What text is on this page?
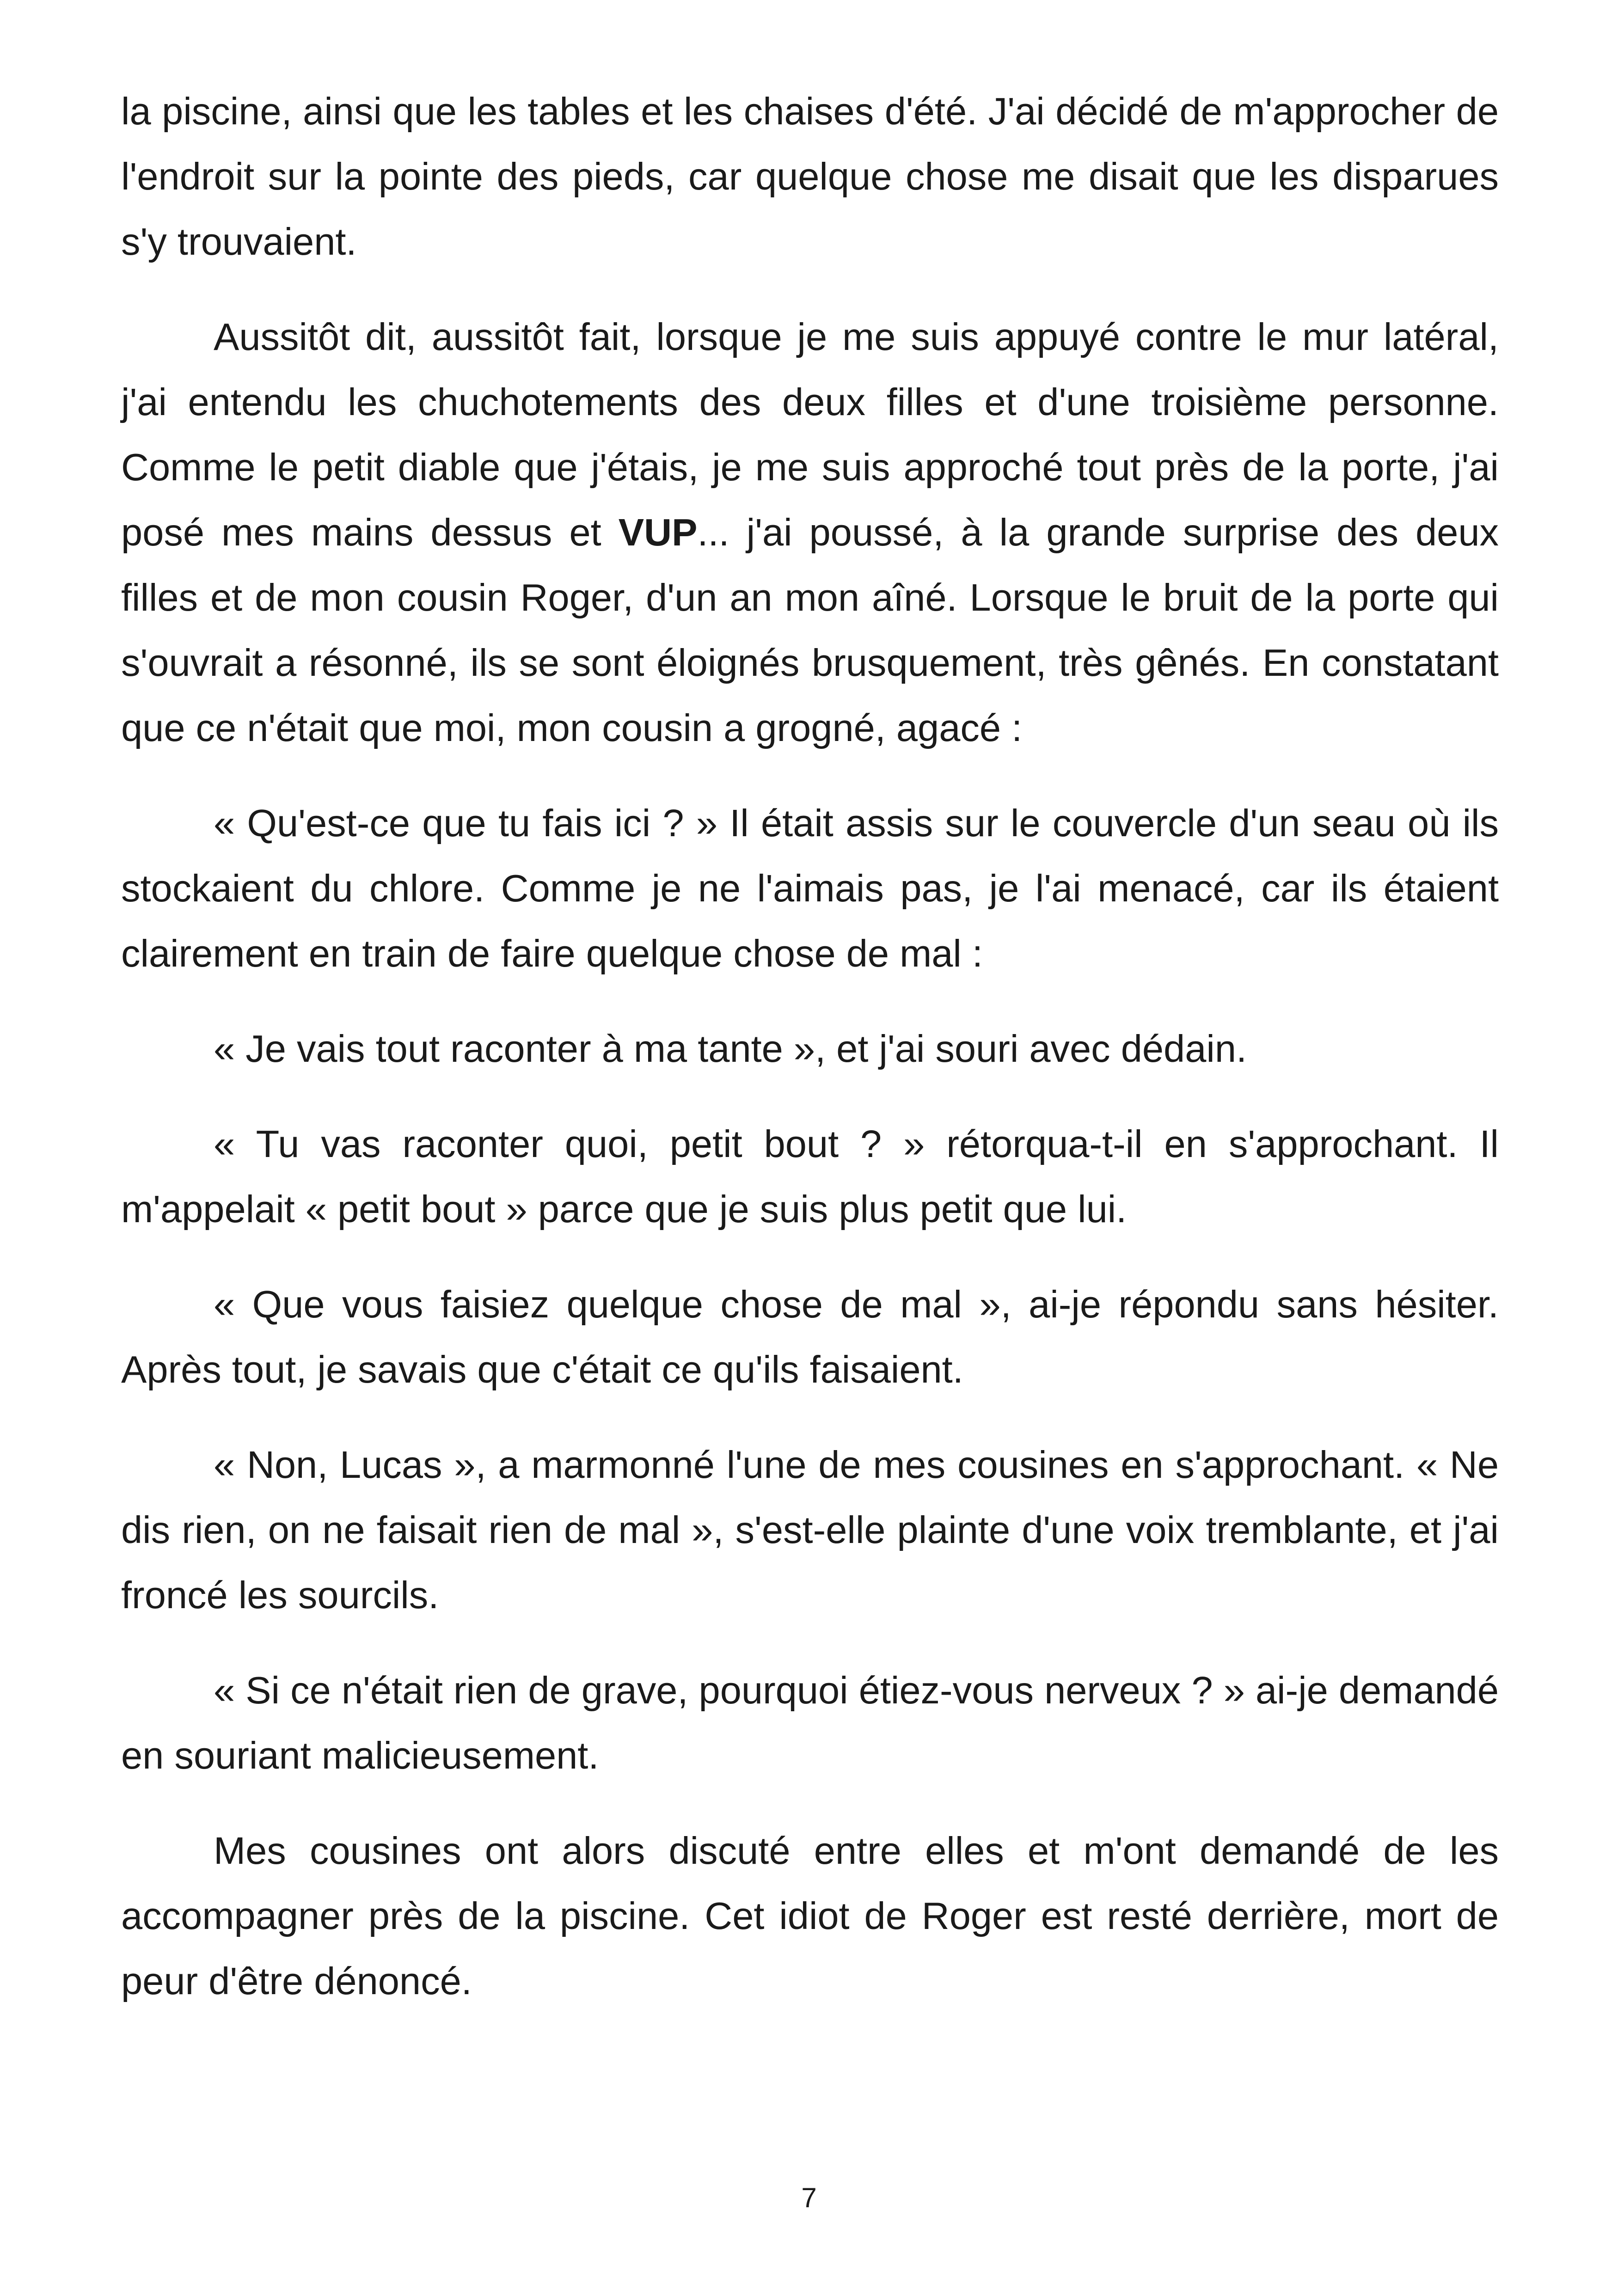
la piscine, ainsi que les tables et les chaises d'été. J'ai décidé de m'approcher de l'endroit sur la pointe des pieds, car quelque chose me disait que les disparues s'y trouvaient.

Aussitôt dit, aussitôt fait, lorsque je me suis appuyé contre le mur latéral, j'ai entendu les chuchotements des deux filles et d'une troisième personne. Comme le petit diable que j'étais, je me suis approché tout près de la porte, j'ai posé mes mains dessus et VUP... j'ai poussé, à la grande surprise des deux filles et de mon cousin Roger, d'un an mon aîné. Lorsque le bruit de la porte qui s'ouvrait a résonné, ils se sont éloignés brusquement, très gênés. En constatant que ce n'était que moi, mon cousin a grogné, agacé :

« Qu'est-ce que tu fais ici ? » Il était assis sur le couvercle d'un seau où ils stockaient du chlore. Comme je ne l'aimais pas, je l'ai menacé, car ils étaient clairement en train de faire quelque chose de mal :

« Je vais tout raconter à ma tante », et j'ai souri avec dédain.

« Tu vas raconter quoi, petit bout ? » rétorqua-t-il en s'approchant. Il m'appelait « petit bout » parce que je suis plus petit que lui.

« Que vous faisiez quelque chose de mal », ai-je répondu sans hésiter. Après tout, je savais que c'était ce qu'ils faisaient.

« Non, Lucas », a marmonné l'une de mes cousines en s'approchant. « Ne dis rien, on ne faisait rien de mal », s'est-elle plainte d'une voix tremblante, et j'ai froncé les sourcils.

« Si ce n'était rien de grave, pourquoi étiez-vous nerveux ? » ai-je demandé en souriant malicieusement.

Mes cousines ont alors discuté entre elles et m'ont demandé de les accompagner près de la piscine. Cet idiot de Roger est resté derrière, mort de peur d'être dénoncé.

7
